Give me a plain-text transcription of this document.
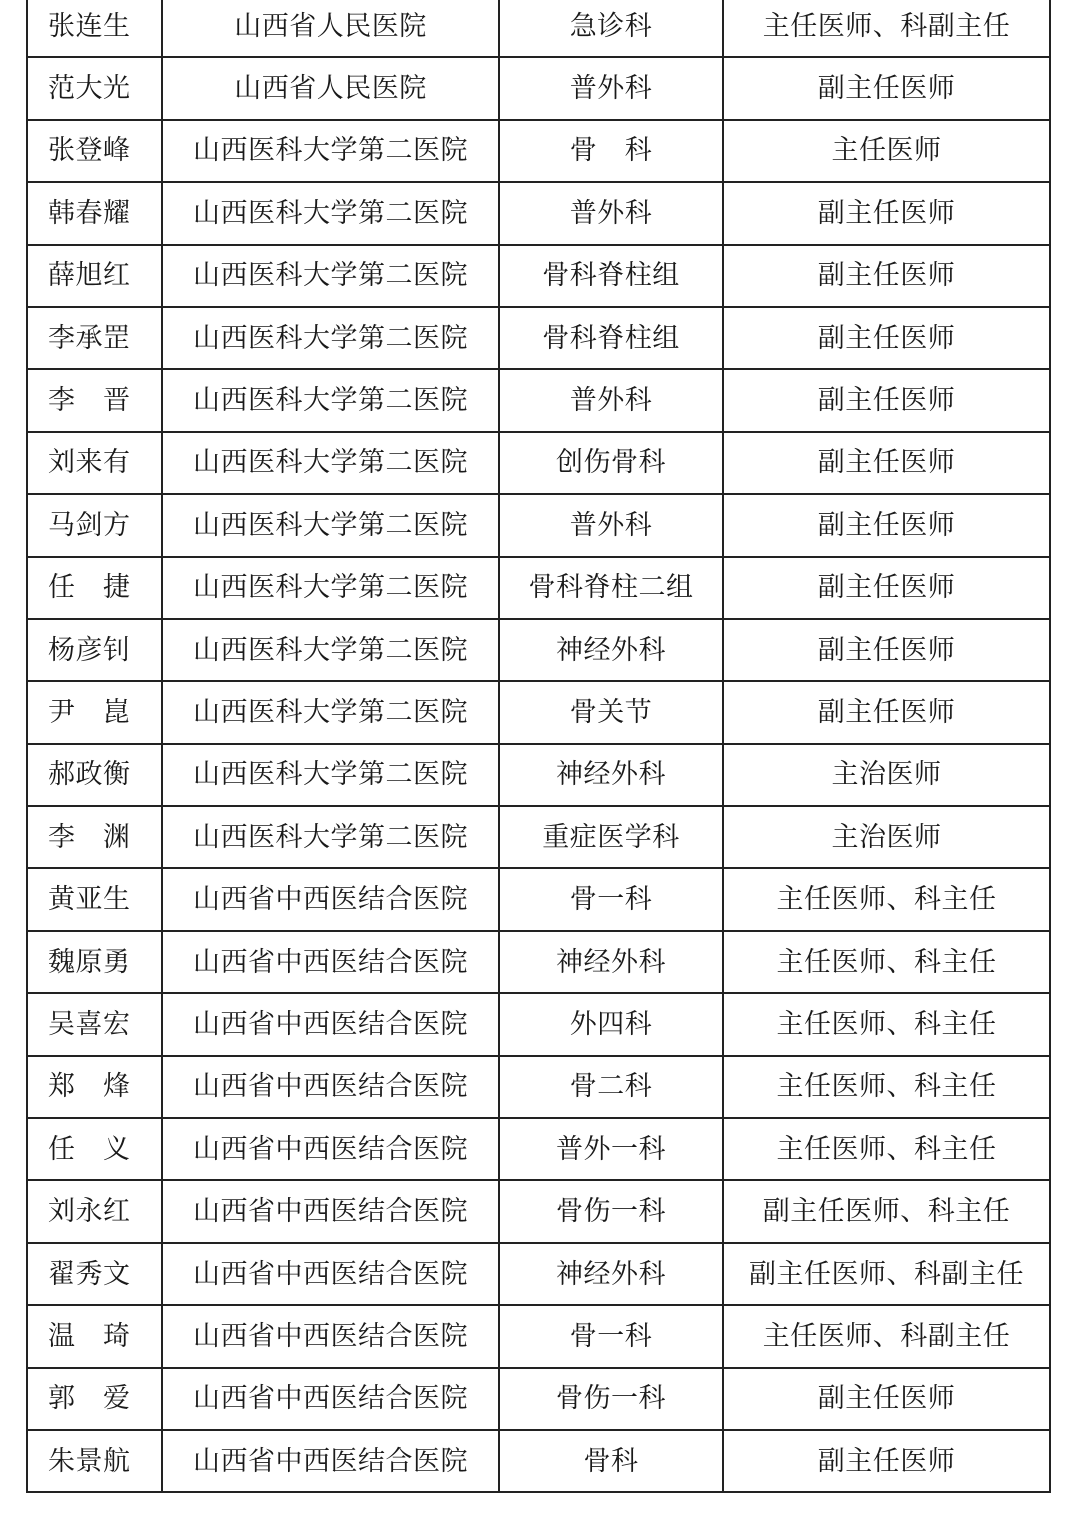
张连生	山西省人民医院	急诊科	主任医师、科副主任
范大光	山西省人民医院	普外科	副主任医师
张登峰	山西医科大学第二医院	骨　科	主任医师
韩春耀	山西医科大学第二医院	普外科	副主任医师
薛旭红	山西医科大学第二医院	骨科脊柱组	副主任医师
李承罡	山西医科大学第二医院	骨科脊柱组	副主任医师
李　晋	山西医科大学第二医院	普外科	副主任医师
刘来有	山西医科大学第二医院	创伤骨科	副主任医师
马剑方	山西医科大学第二医院	普外科	副主任医师
任　捷	山西医科大学第二医院	骨科脊柱二组	副主任医师
杨彦钊	山西医科大学第二医院	神经外科	副主任医师
尹　崑	山西医科大学第二医院	骨关节	副主任医师
郝政衡	山西医科大学第二医院	神经外科	主治医师
李　渊	山西医科大学第二医院	重症医学科	主治医师
黄亚生	山西省中西医结合医院	骨一科	主任医师、科主任
魏原勇	山西省中西医结合医院	神经外科	主任医师、科主任
吴喜宏	山西省中西医结合医院	外四科	主任医师、科主任
郑　烽	山西省中西医结合医院	骨二科	主任医师、科主任
任　义	山西省中西医结合医院	普外一科	主任医师、科主任
刘永红	山西省中西医结合医院	骨伤一科	副主任医师、科主任
翟秀文	山西省中西医结合医院	神经外科	副主任医师、科副主任
温　琦	山西省中西医结合医院	骨一科	主任医师、科副主任
郭　爱	山西省中西医结合医院	骨伤一科	副主任医师
朱景航	山西省中西医结合医院	骨科	副主任医师
